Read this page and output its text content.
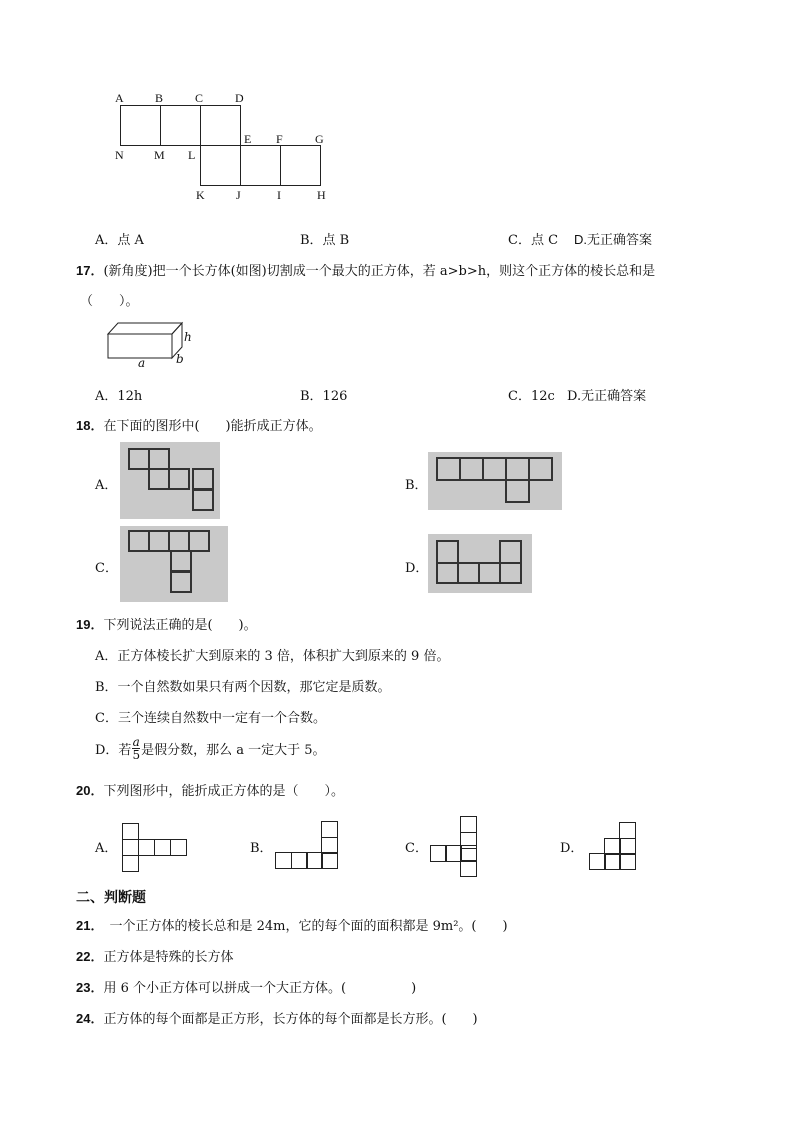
A	B	C	D
N	M L
E F	G
K	J	I	H
A．点 A	B．点 B	C．点 C D.无正确答案
17．(新角度)把一个长方体(如图)切割成一个最大的正方体，若 a>b>h，则这个正方体的棱长总和是
（　　）。
h
a	b
A．12h	B．126	C．12c D.无正确答案
18．在下面的图形中(　　)能折成正方体。
A．	B．
C．	D．
19．下列说法正确的是(　　)。
A．正方体棱长扩大到原来的 3 倍，体积扩大到原来的 9 倍。
B．一个自然数如果只有两个因数，那它定是质数。
C．三个连续自然数中一定有一个合数。
D．若 $\frac{a}{5}$ 是假分数，那么 a 一定大于 5。
20．下列图形中，能折成正方体的是（　　）。
A．	B．	C．	D．
二、判断题
21． 一个正方体的棱长总和是 24m，它的每个面的面积都是 9m²。(　　)
22．正方体是特殊的长方体
23．用 6 个小正方体可以拼成一个大正方体。(　　　　　)
24．正方体的每个面都是正方形，长方体的每个面都是长方形。(　　)
